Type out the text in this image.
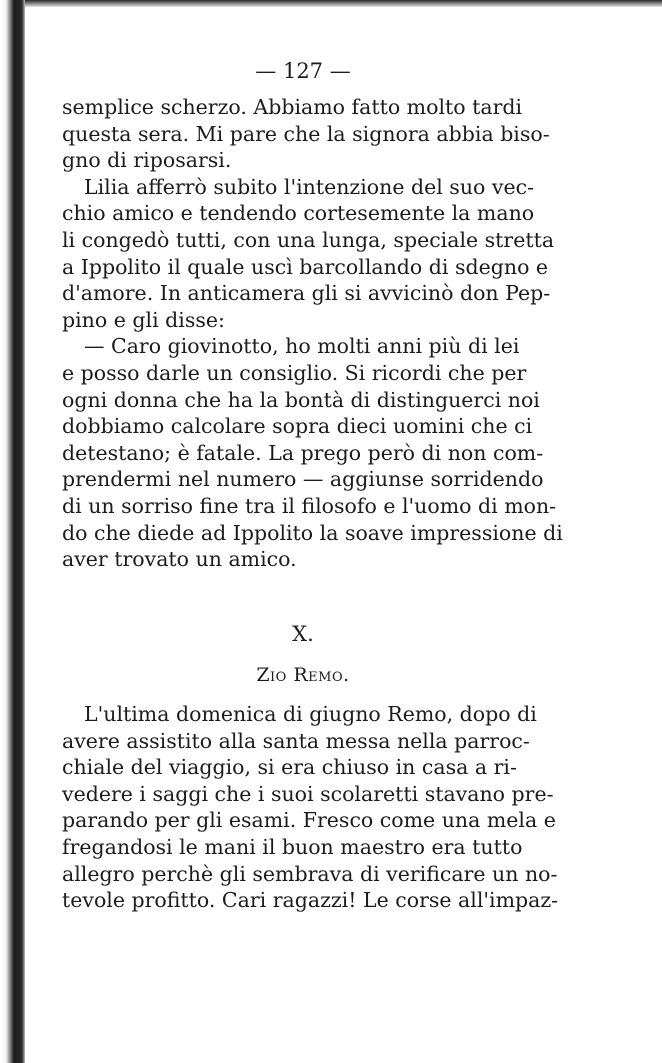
— 127 —

semplice scherzo. Abbiamo fatto molto tardi
questa sera. Mi pare che la signora abbia biso-
gno di riposarsi.

Lilia afferrò subito l'intenzione del suo vec-
chio amico e tendendo cortesemente la mano
li congedò tutti, con una lunga, speciale stretta
a Ippolito il quale uscì barcollando di sdegno e
d'amore. In anticamera gli si avvicinò don Pep-
pino e gli disse:

— Caro giovinotto, ho molti anni più di lei
e posso darle un consiglio. Si ricordi che per
ogni donna che ha la bontà di distinguerci noi
dobbiamo calcolare sopra dieci uomini che ci
detestano; è fatale. La prego però di non com-
prendermi nel numero — aggiunse sorridendo
di un sorriso fine tra il filosofo e l'uomo di mon-
do che diede ad Ippolito la soave impressione di
aver trovato un amico.

X.
Zio Remo.

L'ultima domenica di giugno Remo, dopo di
avere assistito alla santa messa nella parroc-
chiale del viaggio, si era chiuso in casa a ri-
vedere i saggi che i suoi scolaretti stavano pre-
parando per gli esami. Fresco come una mela e
fregandosi le mani il buon maestro era tutto
allegro perchè gli sembrava di verificare un no-
tevole profitto. Cari ragazzi! Le corse all'impaz-
